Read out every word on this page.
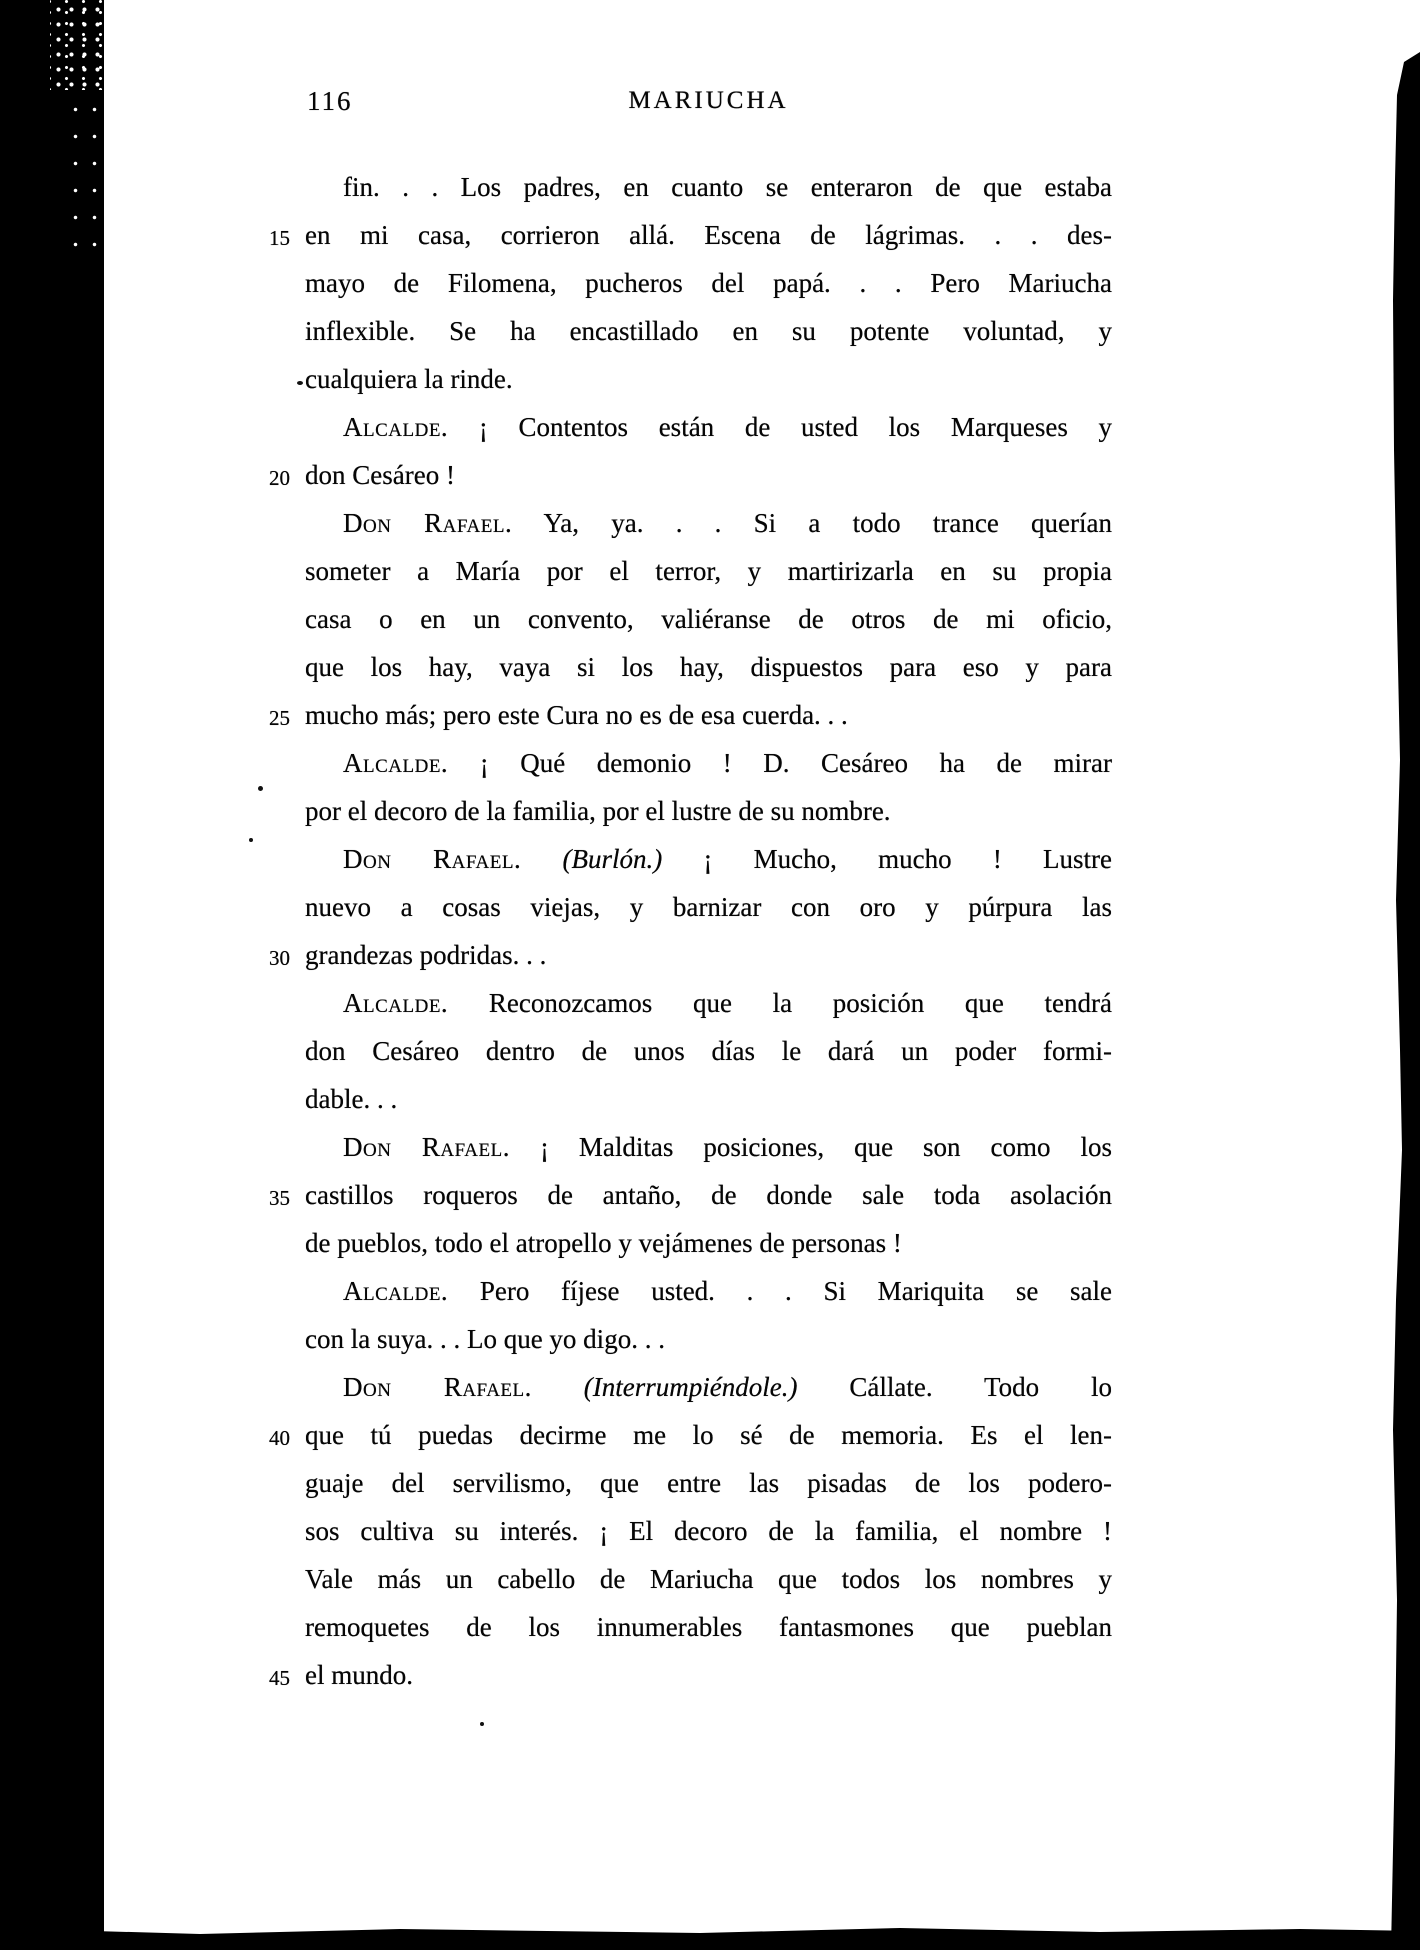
116	MARIUCHA
fin. . . Los padres, en cuanto se enteraron de que estaba
15 en mi casa, corrieron allá. Escena de lágrimas. . . des-
mayo de Filomena, pucheros del papá. . . Pero Mariucha
inflexible. Se ha encastillado en su potente voluntad, y
cualquiera la rinde.
Alcalde. ¡ Contentos están de usted los Marqueses y
20 don Cesáreo !
Don Rafael. Ya, ya. . . Si a todo trance querían
someter a María por el terror, y martirizarla en su propia
casa o en un convento, valiéranse de otros de mi oficio,
que los hay, vaya si los hay, dispuestos para eso y para
25 mucho más; pero este Cura no es de esa cuerda. . .
Alcalde. ¡ Qué demonio ! D. Cesáreo ha de mirar
por el decoro de la familia, por el lustre de su nombre.
Don Rafael. (Burlón.) ¡ Mucho, mucho ! Lustre
nuevo a cosas viejas, y barnizar con oro y púrpura las
30 grandezas podridas. . .
Alcalde. Reconozcamos que la posición que tendrá
don Cesáreo dentro de unos días le dará un poder formi-
dable. . .
Don Rafael. ¡ Malditas posiciones, que son como los
35 castillos roqueros de antaño, de donde sale toda asolación
de pueblos, todo el atropello y vejámenes de personas !
Alcalde. Pero fíjese usted. . . Si Mariquita se sale
con la suya. . . Lo que yo digo. . .
Don Rafael. (Interrumpiéndole.) Cállate. Todo lo
40 que tú puedas decirme me lo sé de memoria. Es el len-
guaje del servilismo, que entre las pisadas de los podero-
sos cultiva su interés. ¡ El decoro de la familia, el nombre !
Vale más un cabello de Mariucha que todos los nombres y
remoquetes de los innumerables fantasmones que pueblan
45 el mundo.
